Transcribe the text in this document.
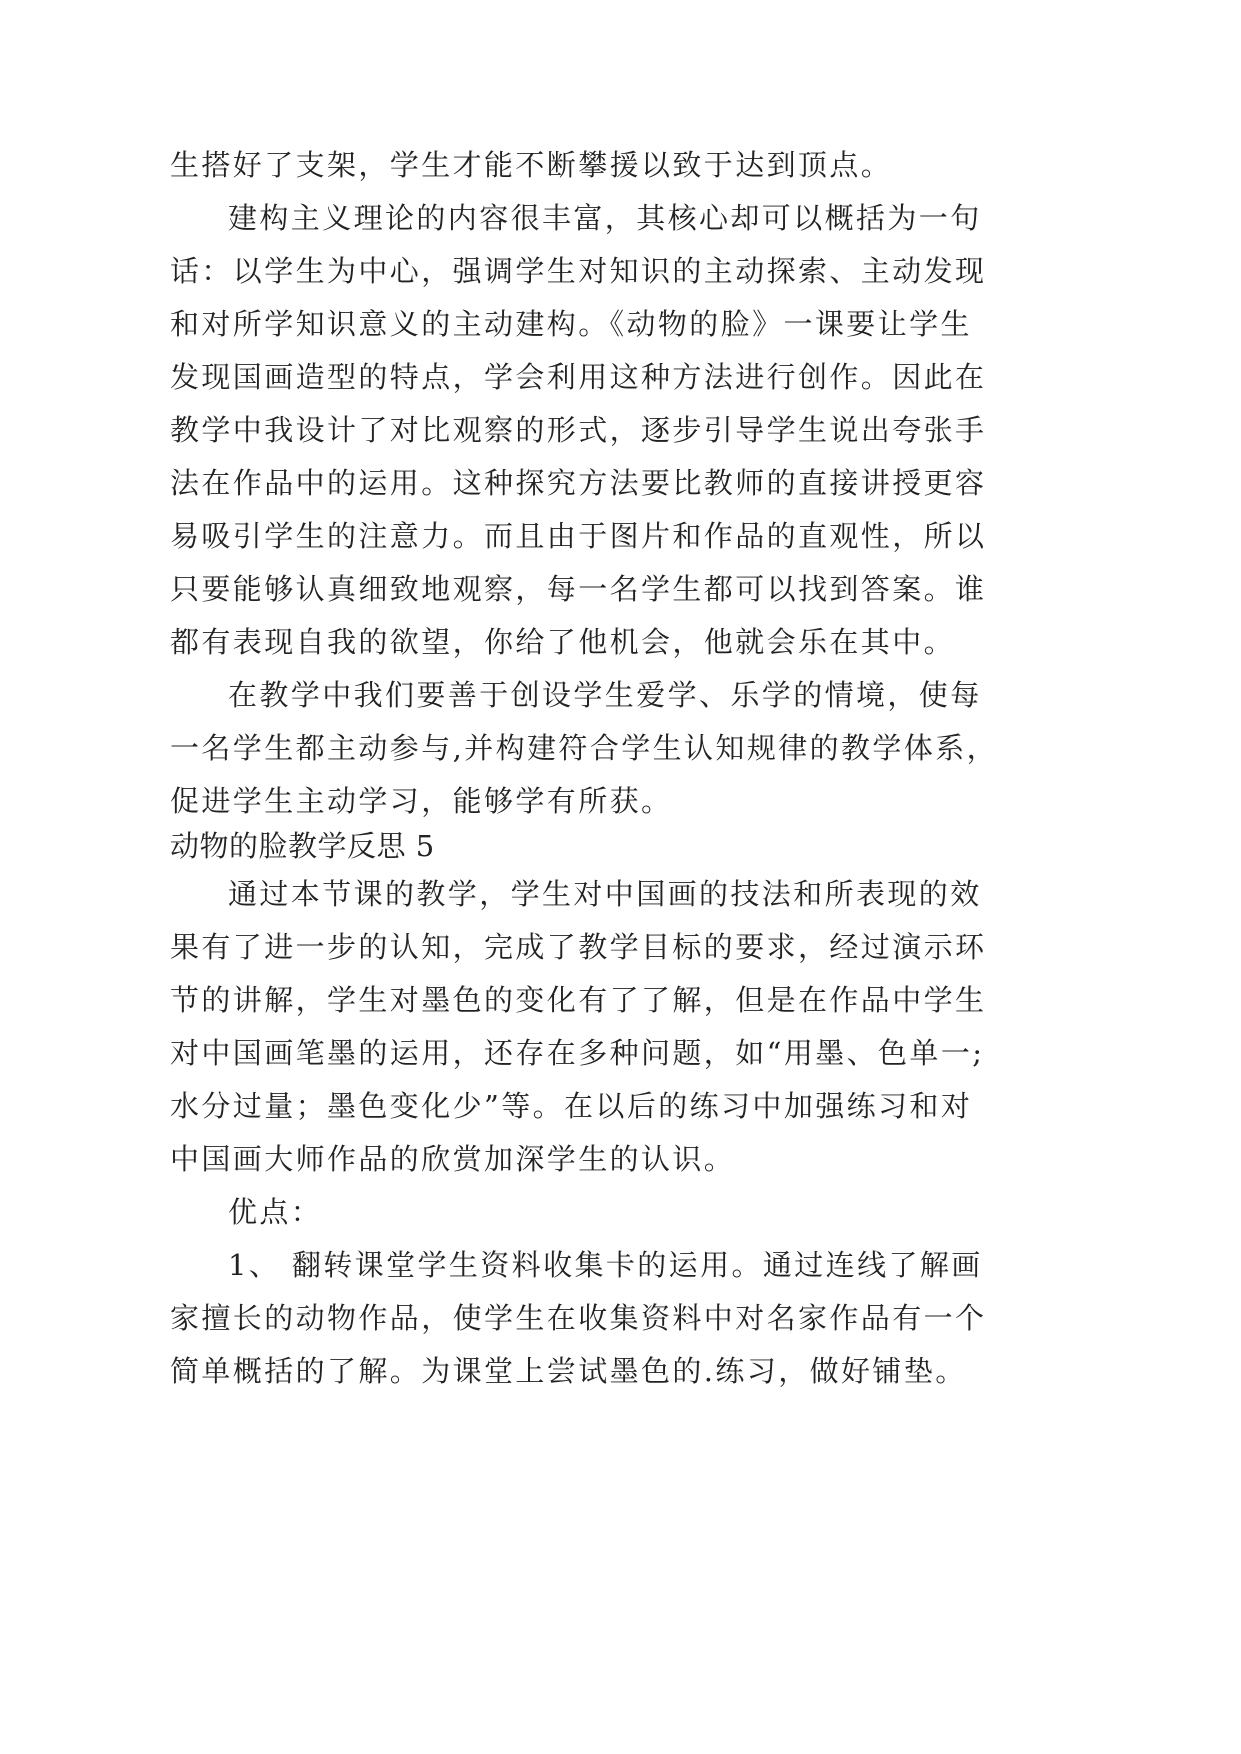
生搭好了支架，学生才能不断攀援以致于达到顶点。
建构主义理论的内容很丰富，其核心却可以概括为一句
话：以学生为中心，强调学生对知识的主动探索、主动发现
和对所学知识意义的主动建构。《动物的脸》一课要让学生
发现国画造型的特点，学会利用这种方法进行创作。因此在
教学中我设计了对比观察的形式，逐步引导学生说出夸张手
法在作品中的运用。这种探究方法要比教师的直接讲授更容
易吸引学生的注意力。而且由于图片和作品的直观性，所以
只要能够认真细致地观察，每一名学生都可以找到答案。谁
都有表现自我的欲望，你给了他机会，他就会乐在其中。
在教学中我们要善于创设学生爱学、乐学的情境，使每
一名学生都主动参与,并构建符合学生认知规律的教学体系，
促进学生主动学习，能够学有所获。
动物的脸教学反思 5
通过本节课的教学，学生对中国画的技法和所表现的效
果有了进一步的认知，完成了教学目标的要求，经过演示环
节的讲解，学生对墨色的变化有了了解，但是在作品中学生
对中国画笔墨的运用，还存在多种问题，如“用墨、色单一;
水分过量；墨色变化少”等。在以后的练习中加强练习和对
中国画大师作品的欣赏加深学生的认识。
优点：
1、 翻转课堂学生资料收集卡的运用。通过连线了解画
家擅长的动物作品，使学生在收集资料中对名家作品有一个
简单概括的了解。为课堂上尝试墨色的.练习，做好铺垫。
